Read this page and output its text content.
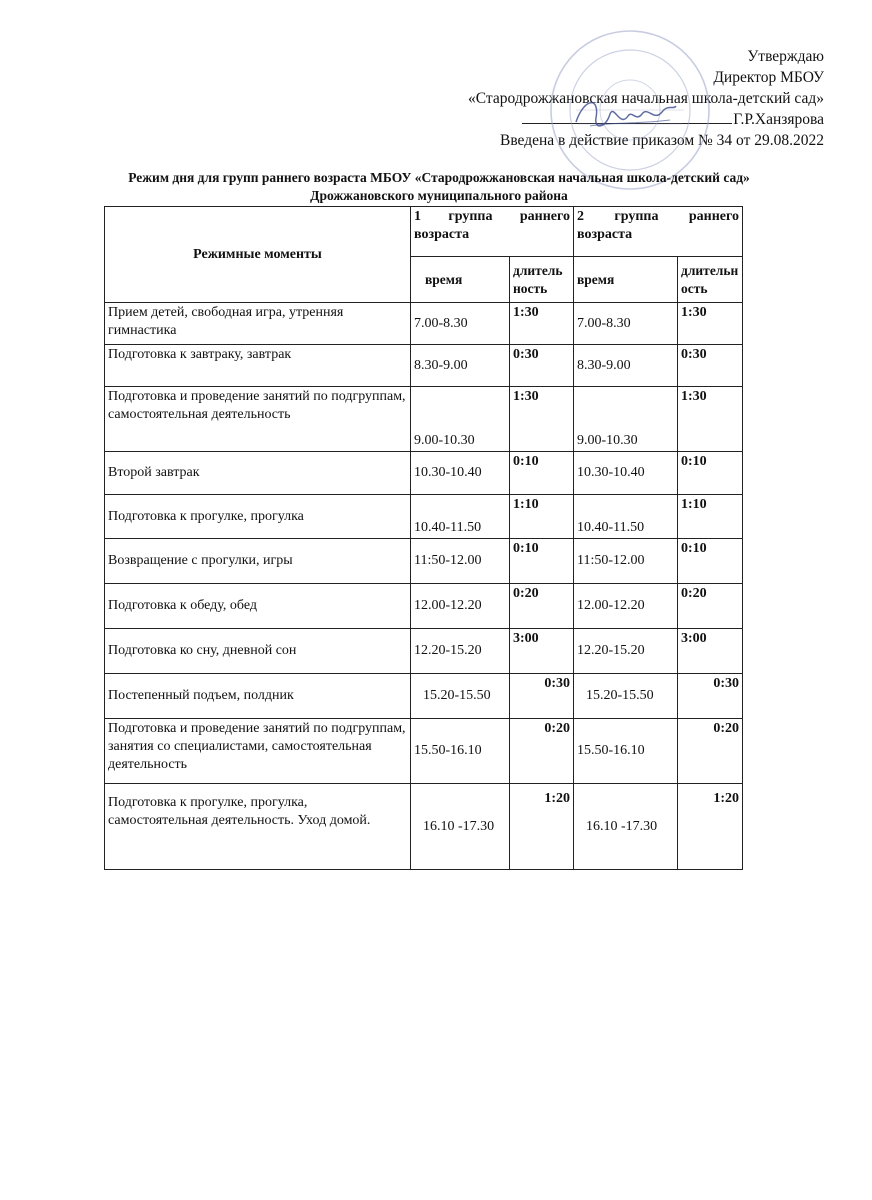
Утверждаю
Директор МБОУ
«Стародрожжановская начальная школа-детский сад»
Г.Р.Ханзярова
Введена в действие приказом № 34 от 29.08.2022
Режим дня для групп раннего возраста МБОУ «Стародрожжановская начальная школа-детский сад» Дрожжановского муниципального района
Режимные моменты	1 группа раннего возраста		2 группа раннего возраста	
	время	длительность	время	длительность
Прием детей, свободная игра, утренняя гимнастика	7.00-8.30	1:30	7.00-8.30	1:30
Подготовка к завтраку, завтрак	8.30-9.00	0:30	8.30-9.00	0:30
Подготовка и проведение занятий по подгруппам, самостоятельная деятельность	9.00-10.30	1:30	9.00-10.30	1:30
Второй завтрак	10.30-10.40	0:10	10.30-10.40	0:10
Подготовка к прогулке, прогулка	10.40-11.50	1:10	10.40-11.50	1:10
Возвращение с прогулки, игры	11:50-12.00	0:10	11:50-12.00	0:10
Подготовка к обеду, обед	12.00-12.20	0:20	12.00-12.20	0:20
Подготовка ко сну, дневной сон	12.20-15.20	3:00	12.20-15.20	3:00
Постепенный подъем, полдник	15.20-15.50	0:30	15.20-15.50	0:30
Подготовка и проведение занятий по подгруппам, занятия со специалистами, самостоятельная деятельность	15.50-16.10	0:20	15.50-16.10	0:20
Подготовка к прогулке, прогулка, самостоятельная деятельность. Уход домой.	16.10 -17.30	1:20	16.10 -17.30	1:20
